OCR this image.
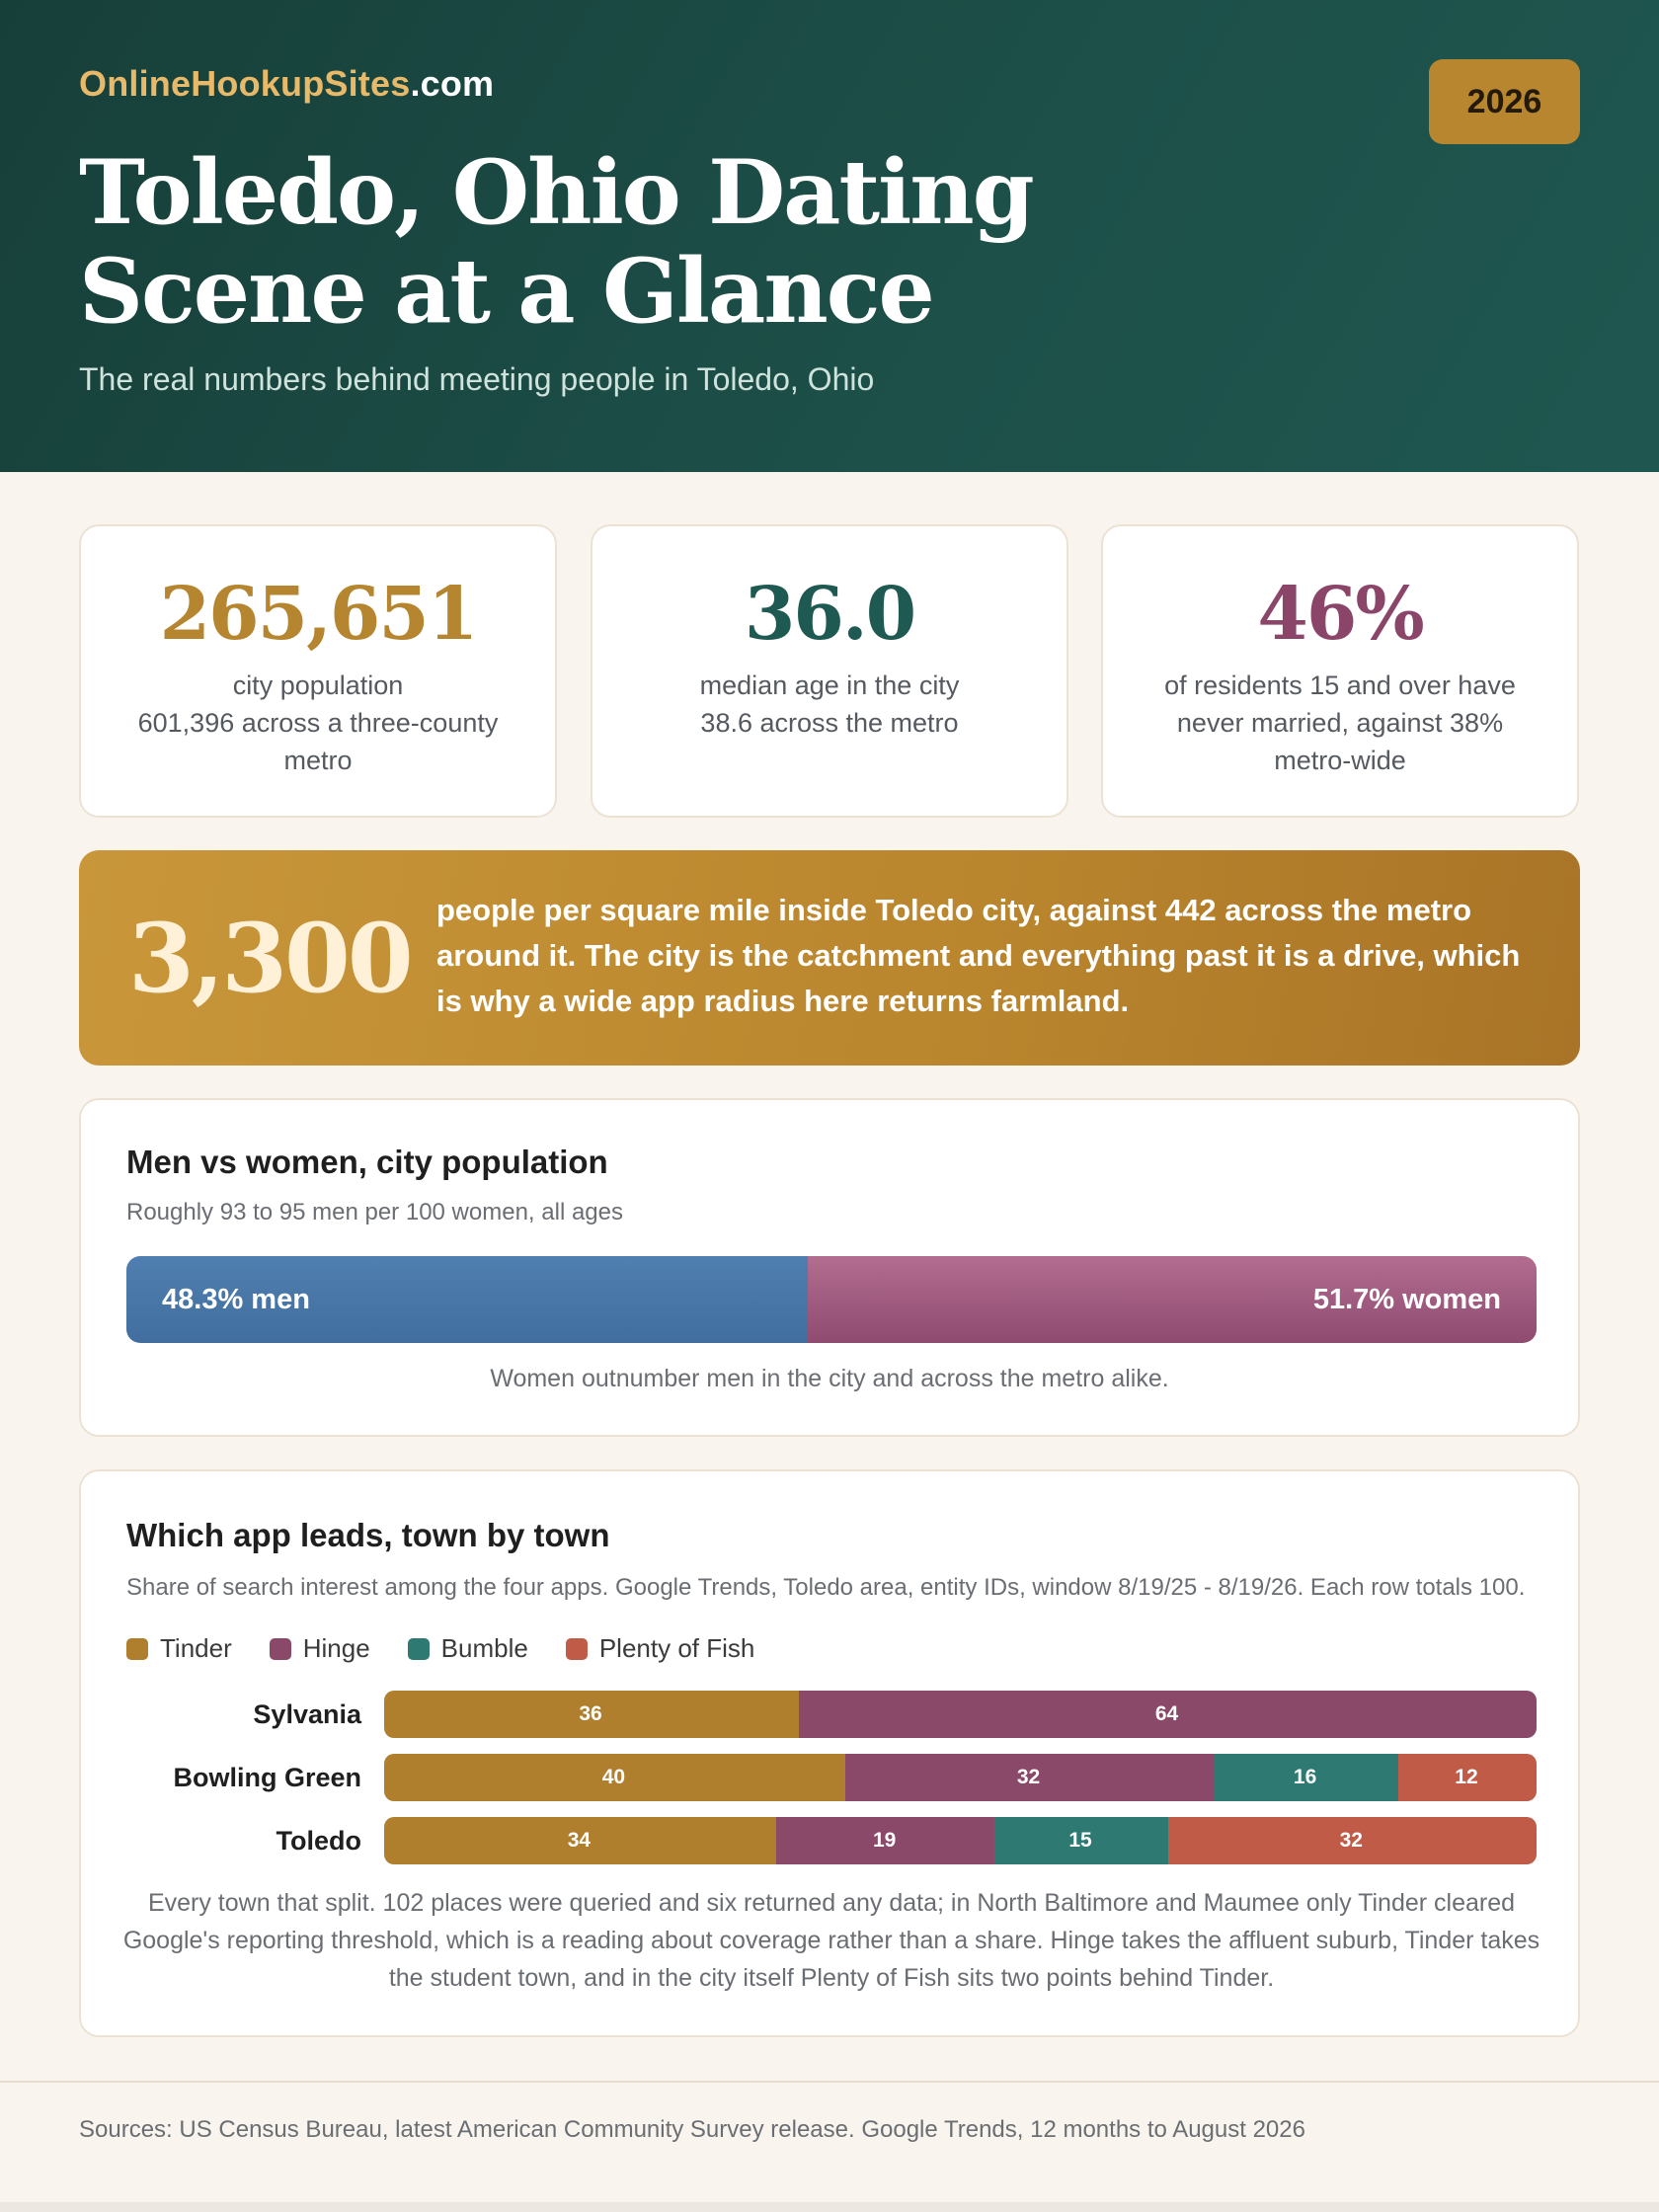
OnlineHookupSites.com	2026
Toledo, Ohio Dating Scene at a Glance
The real numbers behind meeting people in Toledo, Ohio
265,651
city population
601,396 across a three-county metro
36.0
median age in the city
38.6 across the metro
46%
of residents 15 and over have never married, against 38% metro-wide
3,300 people per square mile inside Toledo city, against 442 across the metro around it. The city is the catchment and everything past it is a drive, which is why a wide app radius here returns farmland.
Men vs women, city population
Roughly 93 to 95 men per 100 women, all ages
48.3% men	51.7% women
Women outnumber men in the city and across the metro alike.
Which app leads, town by town
Share of search interest among the four apps. Google Trends, Toledo area, entity IDs, window 8/19/25 - 8/19/26. Each row totals 100.
Tinder	Hinge	Bumble	Plenty of Fish
Sylvania	36	64
Bowling Green	40	32	16	12
Toledo	34	19	15	32
Every town that split. 102 places were queried and six returned any data; in North Baltimore and Maumee only Tinder cleared Google's reporting threshold, which is a reading about coverage rather than a share. Hinge takes the affluent suburb, Tinder takes the student town, and in the city itself Plenty of Fish sits two points behind Tinder.
Sources: US Census Bureau, latest American Community Survey release. Google Trends, 12 months to August 2026
